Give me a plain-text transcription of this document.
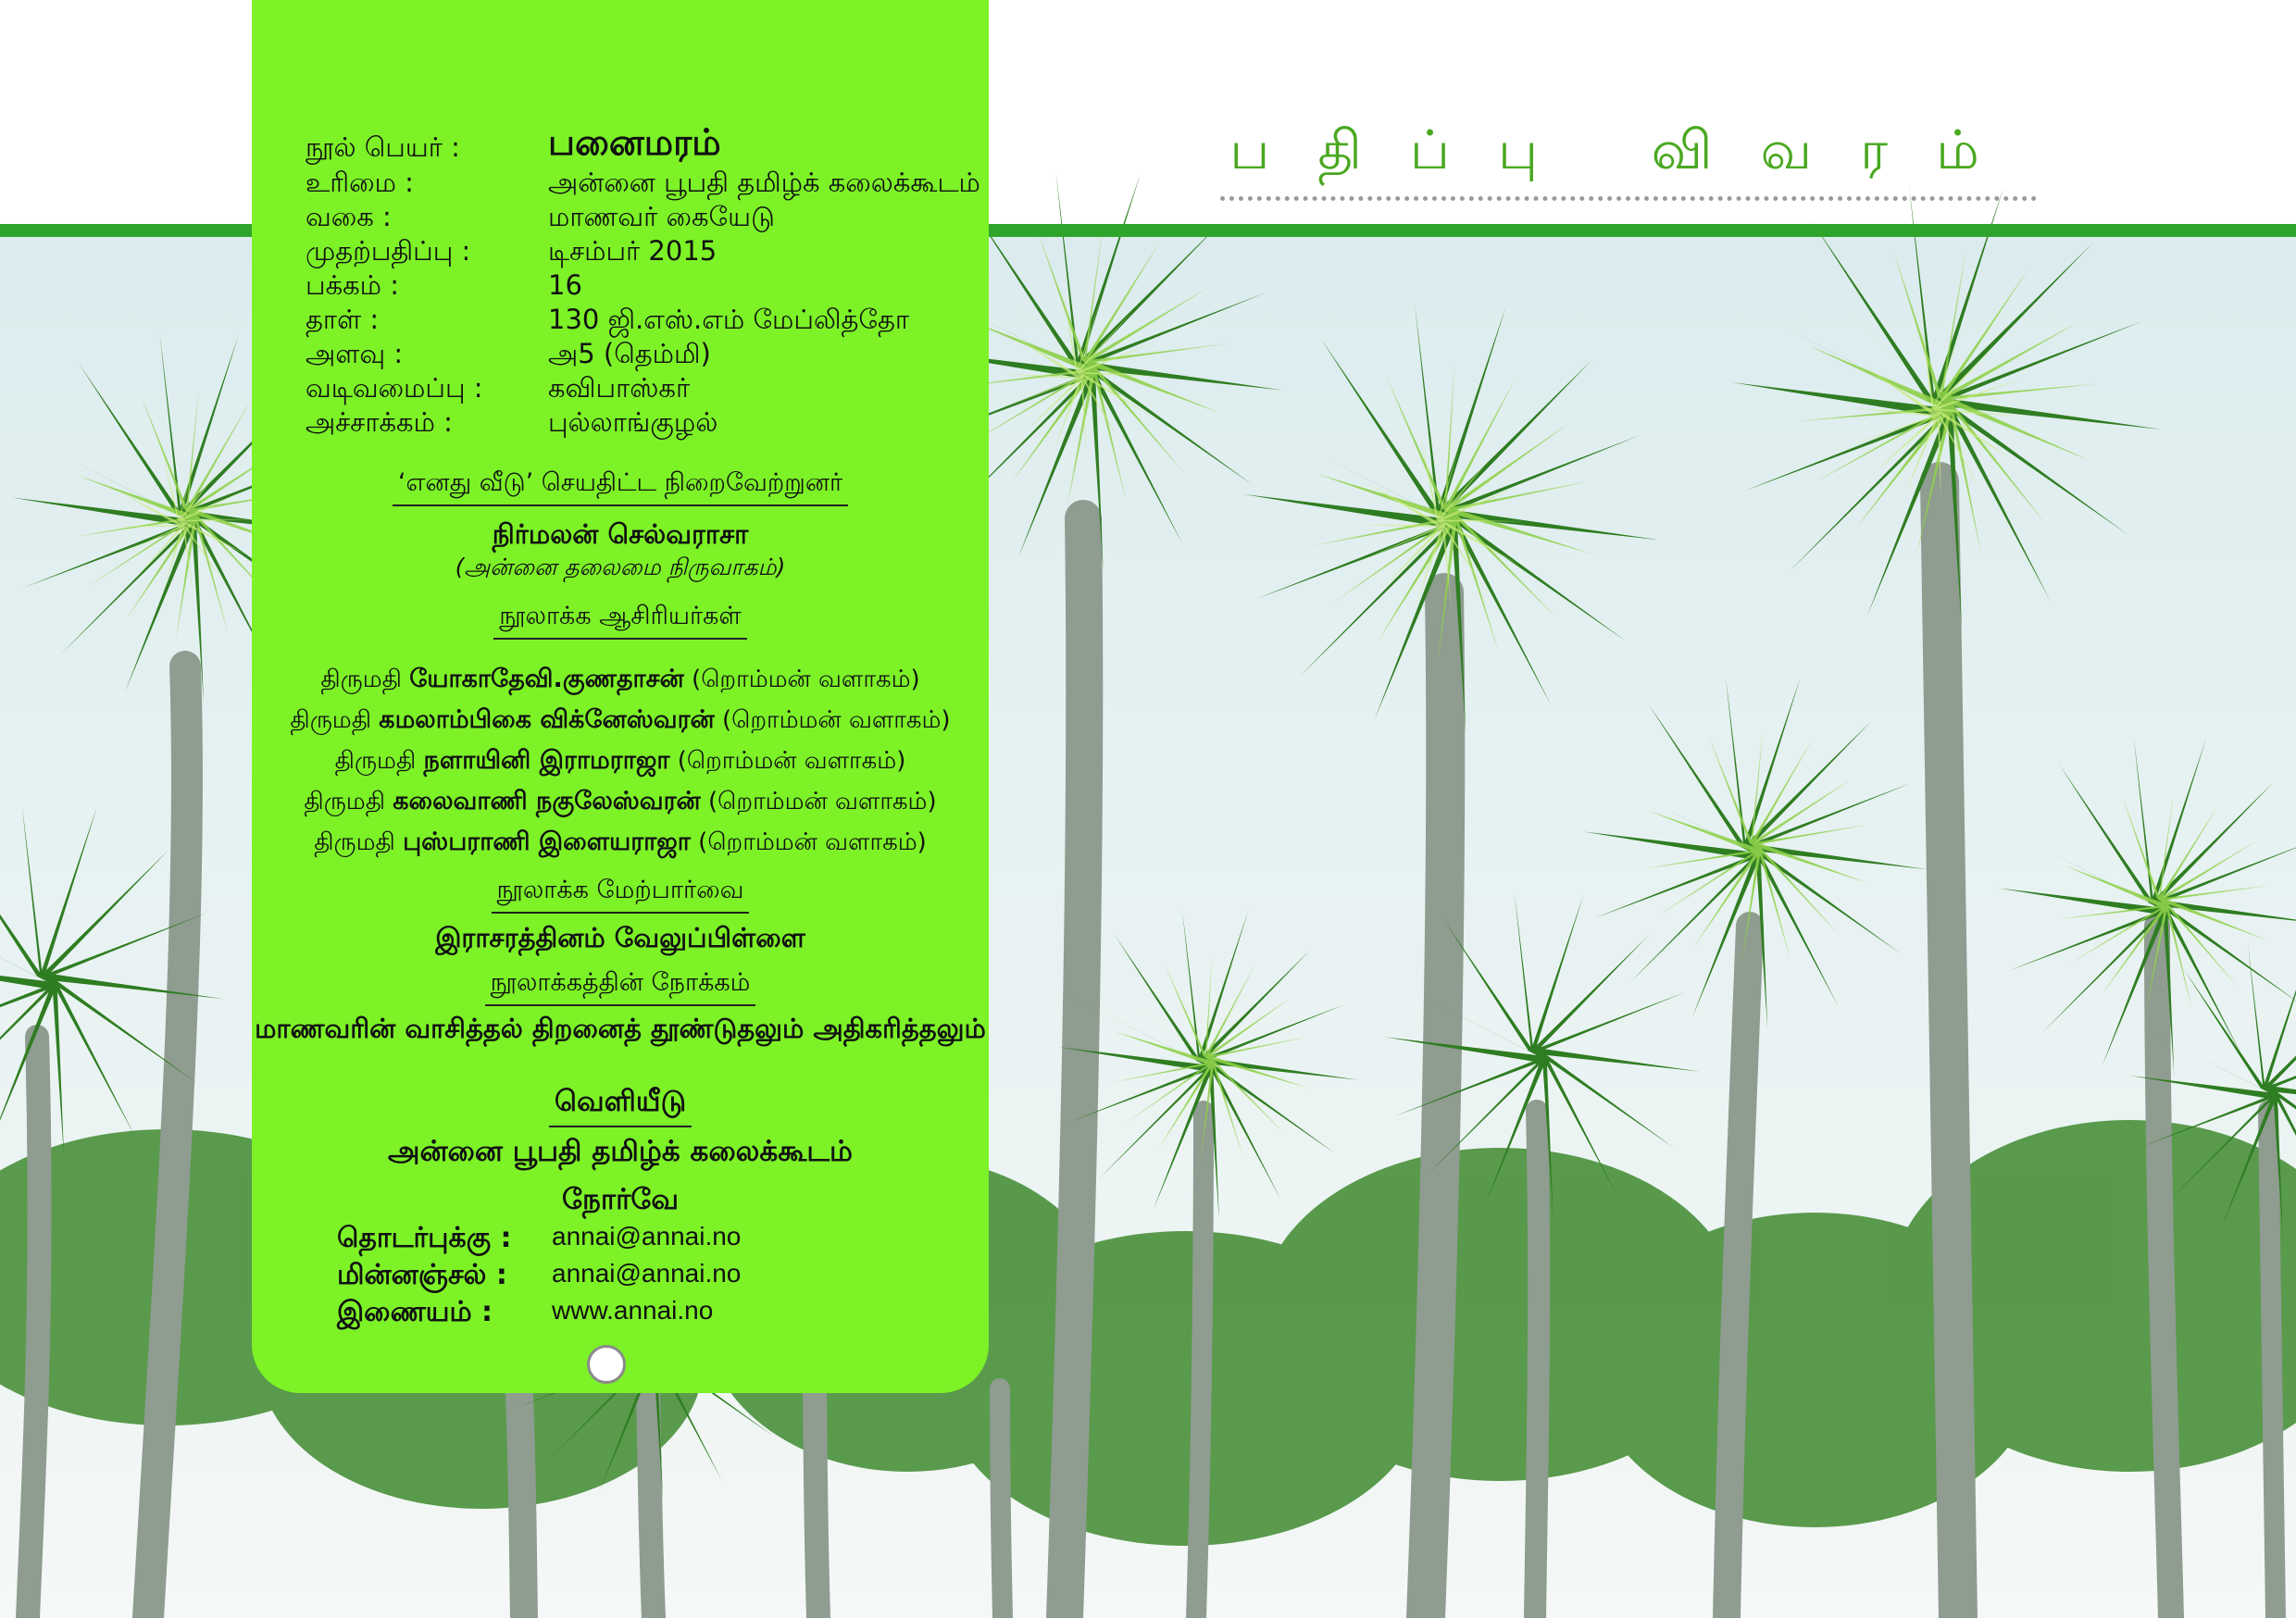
பதிப்பு விவரம்
நூல் பெயர் : பனைமரம்
உரிமை :	அன்னை பூபதி தமிழ்க் கலைக்கூடம்
வகை :	மாணவர் கையேடு
முதற்பதிப்பு :	டிசம்பர் 2015
பக்கம் :	16
தாள் :	130 ஜி.எஸ்.எம் மேப்லித்தோ
அளவு :	அ5 (தெம்மி)
வடிவமைப்பு : கவிபாஸ்கர்
அச்சாக்கம் :	புல்லாங்குழல்
‘எனது வீடு’ செயதிட்ட நிறைவேற்றுனர்
நிர்மலன் செல்வராசா
(அன்னை தலைமை நிருவாகம்)
நூலாக்க ஆசிரியர்கள்
திருமதி யோகாதேவி.குணதாசன் (றொம்மன் வளாகம்)
திருமதி கமலாம்பிகை விக்னேஸ்வரன் (றொம்மன் வளாகம்)
திருமதி நளாயினி இராமராஜா (றொம்மன் வளாகம்)
திருமதி கலைவாணி நகுலேஸ்வரன் (றொம்மன் வளாகம்)
திருமதி புஸ்பராணி இளையராஜா (றொம்மன் வளாகம்)
நூலாக்க மேற்பார்வை
இராசரத்தினம் வேலுப்பிள்ளை
நூலாக்கத்தின் நோக்கம்
மாணவரின் வாசித்தல் திறனைத் தூண்டுதலும் அதிகரித்தலும்
வெளியீடு
அன்னை பூபதி தமிழ்க் கலைக்கூடம்
நோர்வே
தொடர்புக்கு : annai@annai.no
மின்னஞ்சல் : annai@annai.no
இணையம் : www.annai.no
